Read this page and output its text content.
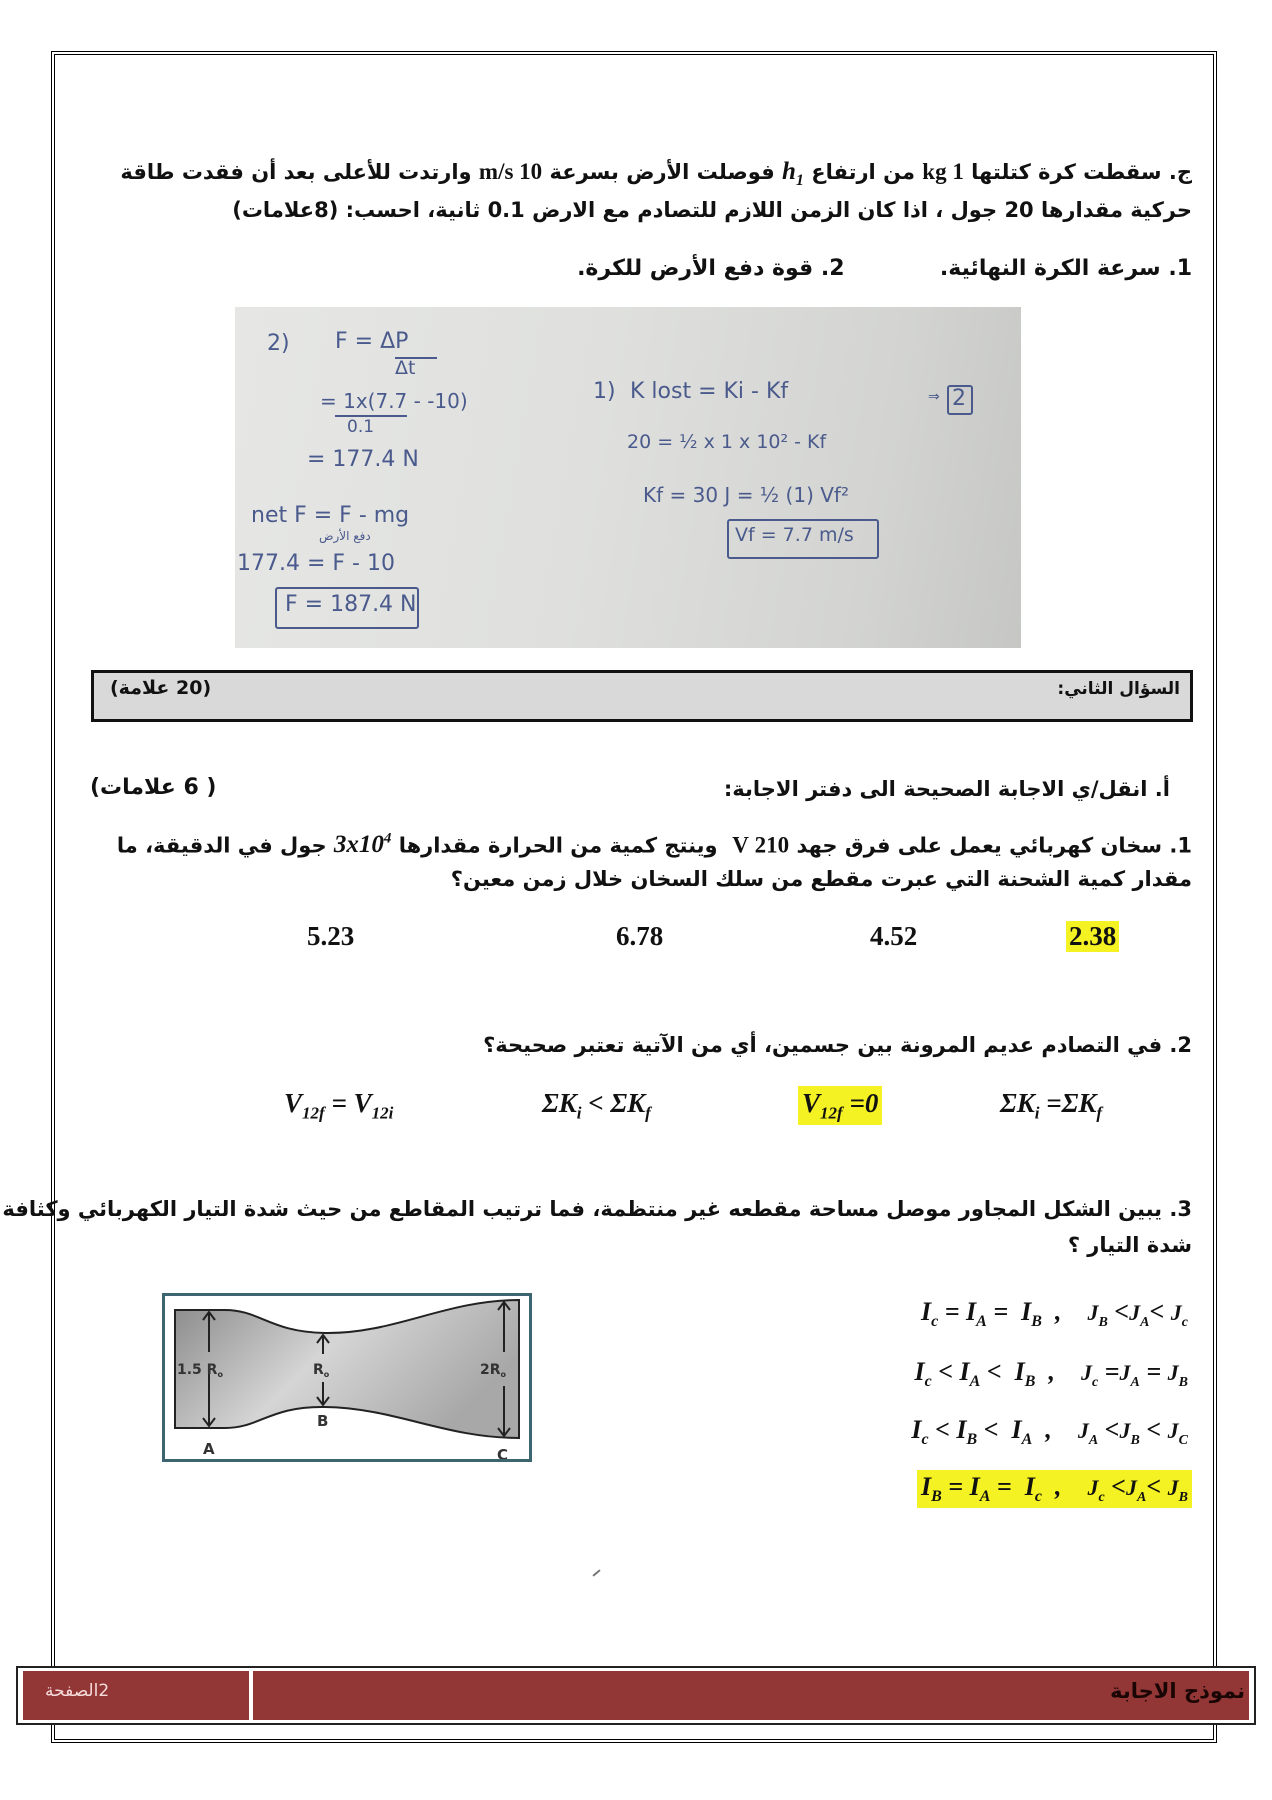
ج. سقطت كرة كتلتها 1 kg من ارتفاع $h_1$ فوصلت الأرض بسرعة 10 m/s وارتدت للأعلى بعد أن فقدت طاقة
حركية مقدارها 20 جول ، اذا كان الزمن اللازم للتصادم مع الارض 0.1 ثانية، احسب: (8علامات)
1. سرعة الكرة النهائية.  2. قوة دفع الأرض للكرة.
2) F = ΔP
Δt
= 1x(7.7 - -10)
0.1
= 177.4 N
net F = F - mg
دفع الأرض
177.4 = F - 10
F = 187.4 N
1) K lost = Ki - Kf	⇒ 2
20 = ½ x 1 x 10² - Kf
Kf = 30 J = ½ (1) Vf²
Vf = 7.7 m/s
السؤال الثاني:
(20 علامة)
أ. انقل/ي الاجابة الصحيحة الى دفتر الاجابة:
( 6 علامات)
1. سخان كهربائي يعمل على فرق جهد 210 V  وينتج كمية من الحرارة مقدارها $3x10^4$ جول في الدقيقة، ما
مقدار كمية الشحنة التي عبرت مقطع من سلك السخان خلال زمن معين؟
2.38
4.52
6.78
5.23
2. في التصادم عديم المرونة بين جسمين، أي من الآتية تعتبر صحيحة؟
$\Sigma K_i =\Sigma K_f$
$V_{12f} =0$
$\Sigma K_i < \Sigma K_f$
$V_{12f} = V_{12i}$
3. يبين الشكل المجاور موصل مساحة مقطعه غير منتظمة، فما ترتيب المقاطع من حيث شدة التيار الكهربائي وكثافة
شدة التيار ؟
$I_c = I_A = I_B$  ,    $J_B <J_A< J_c$
$I_c < I_A < I_B$  ,    $J_c =J_A = J_B$
$I_c < I_B < I_A$  ,    $J_A <J_B < J_C$
$I_B = I_A = I_c$  ,    $J_c <J_A< J_B$
1.5 $R_o$	$R_o$	$2R_o$
A
B
C
2الصفحة	نموذج الاجابة
